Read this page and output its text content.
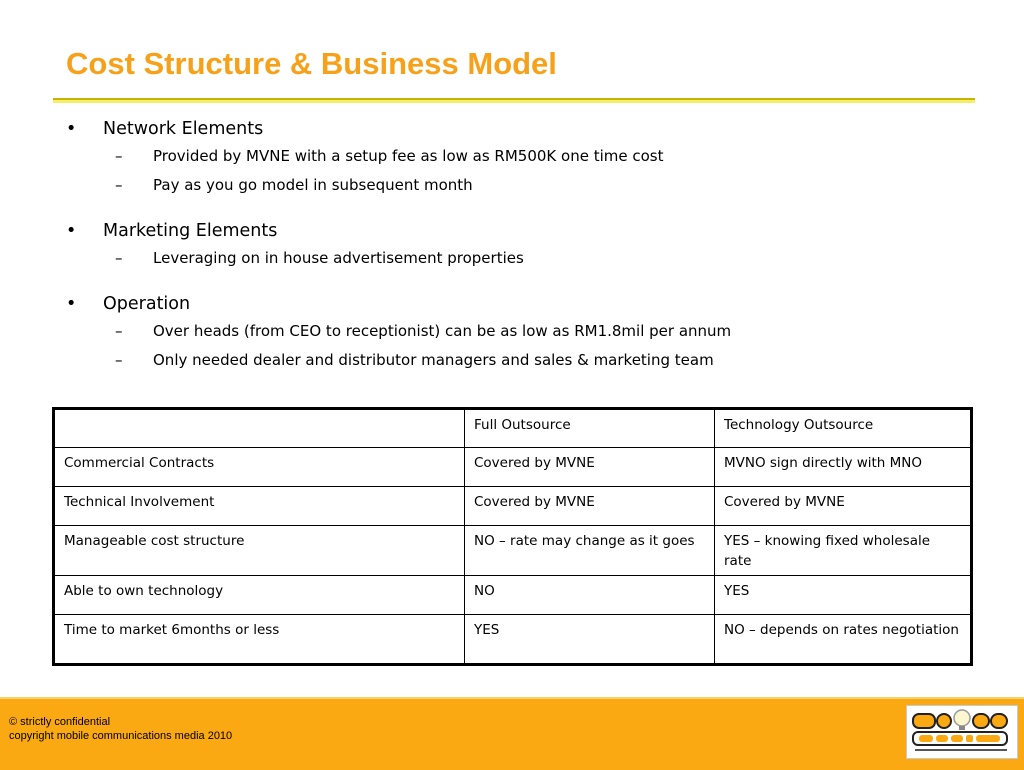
Cost Structure & Business Model
• Network Elements
– Provided by MVNE with a setup fee as low as RM500K one time cost
– Pay as you go model in subsequent month
• Marketing Elements
– Leveraging on in house advertisement properties
• Operation
– Over heads (from CEO to receptionist) can be as low as RM1.8mil per annum
– Only needed dealer and distributor managers and sales & marketing team
	Full Outsource	Technology Outsource
Commercial Contracts	Covered by MVNE	MVNO sign directly with MNO
Technical Involvement	Covered by MVNE	Covered by MVNE
Manageable cost structure	NO – rate may change as it goes	YES – knowing fixed wholesale rate
Able to own technology	NO	YES
Time to market 6months or less	YES	NO – depends on rates negotiation
© strictly confidential
copyright mobile communications media 2010
